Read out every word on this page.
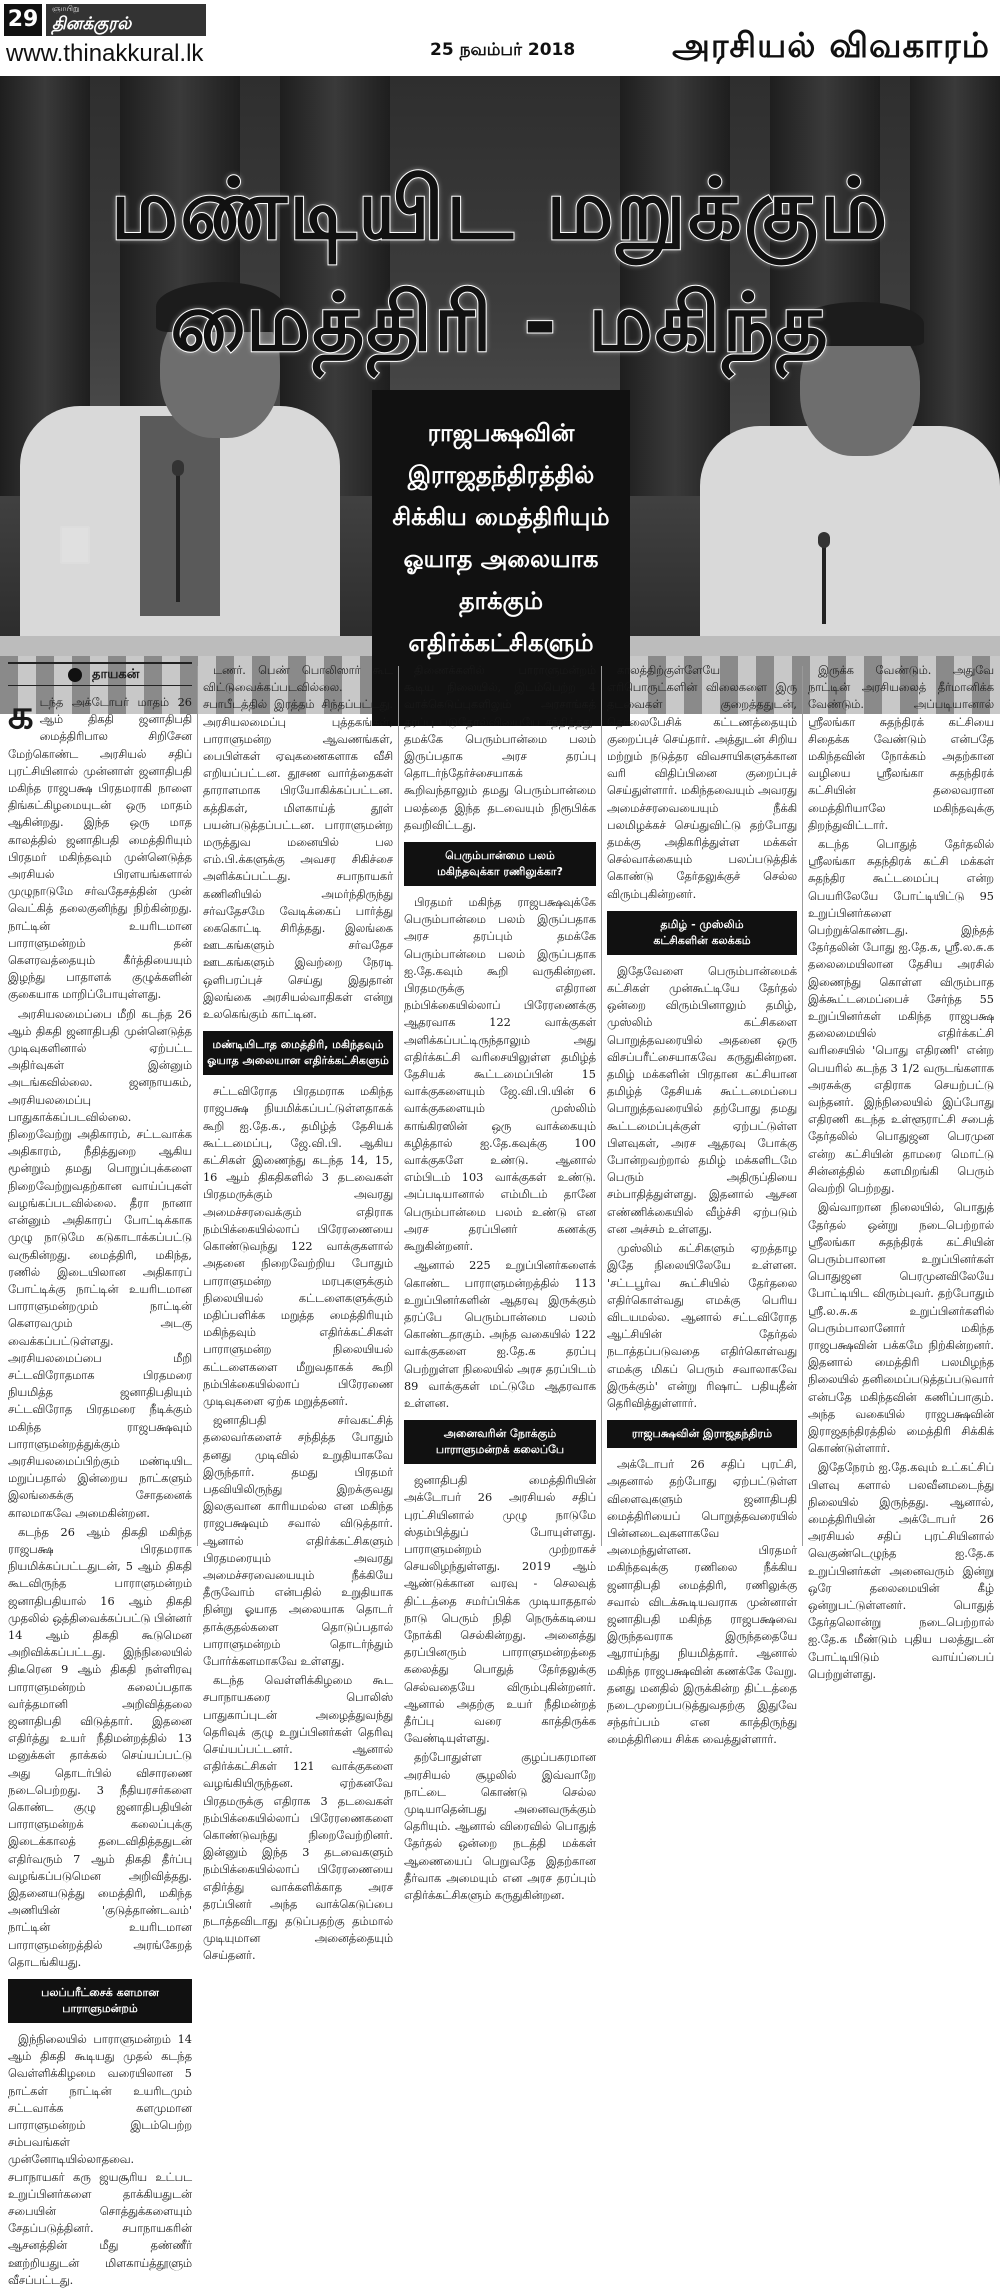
29	ஞாயிறு
தினக்குரல்
www.thinakkural.lk	25 நவம்பர் 2018	அரசியல் விவகாரம்
மண்டியிட மறுக்கும்
மைத்திரி - மகிந்த
ராஜபக்ஷவின்
இராஜதந்திரத்தில்
சிக்கிய மைத்திரியும்
ஓயாத அலையாக
தாக்கும்
எதிர்க்கட்சிகளும்
தாயகன்

கடந்த அக்டோபர் மாதம் 26 ஆம் திகதி ஜனாதிபதி மைத்திரிபால சிறிசேன மேற்கொண்ட அரசியல் சதிப் புரட்சியினால் முன்னாள் ஜனாதிபதி மகிந்த ராஜபக்ஷ பிரதமராகி நாளை திங்கட்கிழமையுடன் ஒரு மாதம் ஆகின்றது. இந்த ஒரு மாத காலத்தில் ஜனாதிபதி மைத்திரியும் பிரதமர் மகிந்தவும் முன்னெடுத்த அரசியல் பிரளயங்களால் முழுநாடுமே சர்வதேசத்தின் முன் வெட்கித் தலைகுனிந்து நிற்கின்றது. நாட்டின் உயரிடமான பாராளுமன்றம் தன் கௌரவத்தையும் கீர்த்தியையும் இழந்து பாதாளக் குழுக்களின் குகையாக மாறிப்போயுள்ளது.

அரசியலமைப்பை மீறி கடந்த 26 ஆம் திகதி ஜனாதிபதி முன்னெடுத்த முடிவுகளினால் ஏற்பட்ட அதிர்வுகள் இன்னும் அடங்கவில்லை. ஜனநாயகம், அரசியலமைப்பு பாதுகாக்கப்படவில்லை. நிறைவேற்று அதிகாரம், சட்டவாக்க அதிகாரம், நீதித்துறை ஆகிய மூன்றும் தமது பொறுப்புக்களை நிறைவேற்றுவதற்கான வாய்ப்புகள் வழங்கப்படவில்லை. தீரா நானா என்னும் அதிகாரப் போட்டிக்காக முழு நாடுமே கடுகாடாக்கப்பட்டு வருகின்றது. மைத்திரி, மகிந்த, ரணில் இடையிலான அதிகாரப் போட்டிக்கு நாட்டின் உயரிடமான பாராளுமன்றமும் நாட்டின் கௌரவமும் அடகு வைக்கப்பட்டுள்ளது. அரசியலமைப்பை மீறி சட்டவிரோதமாக பிரதமரை நியமித்த ஜனாதிபதியும் சட்டவிரோத பிரதமரை நீடிக்கும் மகிந்த ராஜபக்ஷவும் பாராளுமன்றத்துக்கும் அரசியலமைப்பிற்கும் மண்டியிட மறுப்பதால் இன்றைய நாட்களும் இலங்கைக்கு சோதனைக் காலமாகவே அமைகின்றன.

கடந்த 26 ஆம் திகதி மகிந்த ராஜபக்ஷ பிரதமராக நியமிக்கப்பட்டதுடன், 5 ஆம் திகதி கூடவிருந்த பாராளுமன்றம் ஜனாதிபதியால் 16 ஆம் திகதி முதலில் ஒத்திவைக்கப்பட்டு பின்னர் 14 ஆம் திகதி கூடுமென அறிவிக்கப்பட்டது. இந்நிலையில் திடீரென 9 ஆம் திகதி நள்ளிரவு பாராளுமன்றம் கலைப்பதாக வர்த்தமானி அறிவித்தலை ஜனாதிபதி விடுத்தார். இதனை எதிர்த்து உயர் நீதிமன்றத்தில் 13 மனுக்கள் தாக்கல் செய்யப்பட்டு அது தொடர்பில் விசாரணை நடைபெற்றது. 3 நீதியரசர்களை கொண்ட குழு ஜனாதிபதியின் பாராளுமன்றக் கலைப்புக்கு இடைக்காலத் தடைவிதித்ததுடன் எதிர்வரும் 7 ஆம் திகதி தீர்ப்பு வழங்கப்படுமென அறிவித்தது. இதனையடுத்து மைத்திரி, மகிந்த அணியின் 'குடுத்தாண்டவம்' நாட்டின் உயரிடமான பாராளுமன்றத்தில் அரங்கேறத் தொடங்கியது.

பலப்பரீட்சைக் களமான
பாராளுமன்றம்

இந்நிலையில் பாராளுமன்றம் 14 ஆம் திகதி கூடியது முதல் கடந்த வெள்ளிக்கிழமை வரையிலான 5 நாட்கள் நாட்டின் உயரிடமும் சட்டவாக்க களமுமான பாராளுமன்றம் இடம்பெற்ற சம்பவங்கள் முன்னோடியில்லாதவை. சபாநாயகர் கரு ஜயசூரிய உட்பட உறுப்பினர்களை தாக்கியதுடன் சபையின் சொத்துக்களையும் சேதப்படுத்தினர். சபாநாயகரின் ஆசனத்தின் மீது தண்ணீர் ஊற்றியதுடன் மிளகாய்த்தூளும் வீசப்பட்டது.

டணர். பெண் பொலிஸார் கூட விட்டுவைக்கப்படவில்லை. சபாபீடத்தில் இரத்தம் சிந்தப்பட்டது. அரசியலமைப்பு புத்தகங்கள், பாராளுமன்ற ஆவணங்கள், பைபிள்கள் ஏவுகணைகளாக வீசி எறியப்பட்டன. தூசண வார்த்தைகள் தாராளமாக பிரயோகிக்கப்பட்டன. கத்திகள், மிளகாய்த் தூள் பயன்படுத்தப்பட்டன. பாராளுமன்ற மருத்துவ மனையில் பல எம்.பி.க்களுக்கு அவசர சிகிச்சை அளிக்கப்பட்டது. சபாநாயகர் கணினியில் அமர்ந்திருந்து சர்வதேசமே வேடிக்கைப் பார்த்து கைகொட்டி சிரித்தது. இலங்கை ஊடகங்களும் சர்வதேச ஊடகங்களும் இவற்றை நேரடி ஒளிபரப்புச் செய்து இதுதான் இலங்கை அரசியல்வாதிகள் என்று உலகெங்கும் காட்டின.

மண்டியிடாத மைத்திரி, மகிந்தவும்
ஓயாத அலையான எதிர்க்கட்சிகளும்

சட்டவிரோத பிரதமராக மகிந்த ராஜபக்ஷ நியமிக்கப்பட்டுள்ளதாகக் கூறி ஐ.தே.க., தமிழ்த் தேசியக் கூட்டமைப்பு, ஜே.வி.பி. ஆகிய கட்சிகள் இணைந்து கடந்த 14, 15, 16 ஆம் திகதிகளில் 3 தடவைகள் பிரதமருக்கும் அவரது அமைச்சரவைக்கும் எதிராக நம்பிக்கையில்லாப் பிரேரணையை கொண்டுவந்து 122 வாக்குகளால் அதனை நிறைவேற்றிய போதும் பாராளுமன்ற மரபுகளுக்கும் நிலையியல் கட்டளைகளுக்கும் மதிப்பளிக்க மறுத்த மைத்திரியும் மகிந்தவும் எதிர்க்கட்சிகள் பாராளுமன்ற நிலையியல் கட்டளைகளை மீறுவதாகக் கூறி நம்பிக்கையில்லாப் பிரேரணை முடிவுகளை ஏற்க மறுத்தனர்.

ஜனாதிபதி சர்வகட்சித் தலைவர்களைச் சந்தித்த போதும் தனது முடிவில் உறுதியாகவே இருந்தார். தமது பிரதமர் பதவியிலிருந்து இறக்குவது இலகுவான காரியமல்ல என மகிந்த ராஜபக்ஷவும் சவால் விடுத்தார். ஆனால் எதிர்க்கட்சிகளும் பிரதமரையும் அவரது அமைச்சரவையையும் நீக்கியே தீருவோம் என்பதில் உறுதியாக நின்று ஓயாத அலையாக தொடர் தாக்குதல்களை தொடுப்பதால் பாராளுமன்றம் தொடர்ந்தும் போர்க்களமாகவே உள்ளது.

கடந்த வெள்ளிக்கிழமை கூட சபாநாயகரை பொலிஸ் பாதுகாப்புடன் அழைத்துவந்து தெரிவுக் குழு உறுப்பினர்கள் தெரிவு செய்யப்பட்டனர். ஆனால் எதிர்க்கட்சிகள் 121 வாக்குகளை வழங்கியிருந்தன. ஏற்கனவே பிரதமருக்கு எதிராக 3 தடவைகள் நம்பிக்கையில்லாப் பிரேரணைகளை கொண்டுவந்து நிறைவேற்றினர். இன்னும் இந்த 3 தடவைகளும் நம்பிக்கையில்லாப் பிரேரணையை எதிர்த்து வாக்களிக்காத அரச தரப்பினர் அந்த வாக்கெடுப்பை நடாத்தவிடாது தடுப்பதற்கு தம்மால் முடியுமான அனைத்தையும் செய்தனர்.

திணைக்களில் பாராளுமன்றம் கூடிய நிலையில், இடம்பெற்ற 4 வாக்கெடுப்புகளிலும் அரசாங்கத் தரப்பு படுதோல்வியையே சந்தித்தது. தமக்கே பெரும்பான்மை பலம் இருப்பதாக அரச தரப்பு தொடர்ந்தேர்ச்சையாகக் கூறிவந்தாலும் தமது பெரும்பான்மை பலத்தை இந்த தடவையும் நிரூபிக்க தவறிவிட்டது.

பெரும்பான்மை பலம்
மகிந்தவுக்கா ரணிலுக்கா?

பிரதமர் மகிந்த ராஜபக்ஷவுக்கே பெரும்பான்மை பலம் இருப்பதாக அரச தரப்பும் தமக்கே பெரும்பான்மை பலம் இருப்பதாக ஐ.தே.கவும் கூறி வருகின்றன. பிரதமருக்கு எதிரான நம்பிக்கையில்லாப் பிரேரணைக்கு ஆதரவாக 122 வாக்குகள் அளிக்கப்பட்டிருந்தாலும் அது எதிர்க்கட்சி வரிசையிலுள்ள தமிழ்த் தேசியக் கூட்டமைப்பின் 15 வாக்குகளையும் ஜே.வி.பி.யின் 6 வாக்குகளையும் முஸ்லிம் காங்கிரஸின் ஒரு வாக்கையும் கழித்தால் ஐ.தே.கவுக்கு 100 வாக்குகளே உண்டு. ஆனால் எம்பிடம் 103 வாக்குகள் உண்டு. அப்படியானால் எம்மிடம் தானே பெரும்பான்மை பலம் உண்டு என அரச தரப்பினர் கணக்கு கூறுகின்றனர்.

ஆனால் 225 உறுப்பினர்களைக் கொண்ட பாராளுமன்றத்தில் 113 உறுப்பினர்களின் ஆதரவு இருக்கும் தரப்பே பெரும்பான்மை பலம் கொண்டதாகும். அந்த வகையில் 122 வாக்குகளை ஐ.தே.க தரப்பு பெற்றுள்ள நிலையில் அரச தரப்பிடம் 89 வாக்குகள் மட்டுமே ஆதரவாக உள்ளன.

அனைவரின் நோக்கும்
பாராளுமன்றக் கலைப்பே

ஜனாதிபதி மைத்திரியின் அக்டோபர் 26 அரசியல் சதிப் புரட்சியினால் முழு நாடுமே ஸ்தம்பித்துப் போயுள்ளது. பாராளுமன்றம் முற்றாகச் செயலிழந்துள்ளது. 2019 ஆம் ஆண்டுக்கான வரவு - செலவுத் திட்டத்தை சமர்ப்பிக்க முடியாததால் நாடு பெரும் நிதி நெருக்கடியை நோக்கி செல்கின்றது. அனைத்து தரப்பினரும் பாராளுமன்றத்தை கலைத்து பொதுத் தேர்தலுக்கு செல்வதையே விரும்புகின்றனர். ஆனால் அதற்கு உயர் நீதிமன்றத் தீர்ப்பு வரை காத்திருக்க வேண்டியுள்ளது.

தற்போதுள்ள குழப்பகரமான அரசியல் சூழலில் இவ்வாறே நாட்டை கொண்டு செல்ல முடியாதென்பது அனைவருக்கும் தெரியும். ஆனால் விரைவில் பொதுத் தேர்தல் ஒன்றை நடத்தி மக்கள் ஆணையைப் பெறுவதே இதற்கான தீர்வாக அமையும் என அரச தரப்பும் எதிர்க்கட்சிகளும் கருதுகின்றன.

காலத்திற்குள்ளேயே எரிபொருட்களின் விலைகளை இரு தடவைகள் குறைத்ததுடன், தொலைபேசிக் கட்டணத்தையும் குறைப்புச் செய்தார். அத்துடன் சிறிய மற்றும் நடுத்தர விவசாயிகளுக்கான வரி விதிப்பினை குறைப்புச் செய்துள்ளார். மகிந்தவையும் அவரது அமைச்சரவையையும் நீக்கி பலமிழக்கச் செய்துவிட்டு தற்போது தமக்கு அதிகரித்துள்ள மக்கள் செல்வாக்கையும் பலப்படுத்திக் கொண்டு தேர்தலுக்குச் செல்ல விரும்புகின்றனர்.

தமிழ் - முஸ்லிம்
கட்சிகளின் கலக்கம்

இதேவேளை பெரும்பான்மைக் கட்சிகள் முன்கூட்டியே தேர்தல் ஒன்றை விரும்பினாலும் தமிழ், முஸ்லிம் கட்சிகளை பொறுத்தவரையில் அதனை ஒரு விசப்பரீட்சையாகவே கருதுகின்றன. தமிழ் மக்களின் பிரதான கட்சியான தமிழ்த் தேசியக் கூட்டமைப்பை பொறுத்தவரையில் தற்போது தமது கூட்டமைப்புக்குள் ஏற்பட்டுள்ள பிளவுகள், அரச ஆதரவு போக்கு போன்றவற்றால் தமிழ் மக்களிடமே பெரும் அதிருப்தியை சம்பாதித்துள்ளது. இதனால் ஆசன எண்ணிக்கையில் வீழ்ச்சி ஏற்படும் என அச்சம் உள்ளது.

முஸ்லிம் கட்சிகளும் ஏறத்தாழ இதே நிலையிலேயே உள்ளன. 'சட்டபூர்வ கூட்சியில் தேர்தலை எதிர்கொள்வது எமக்கு பெரிய விடயமல்ல. ஆனால் சட்டவிரோத ஆட்சியின் தேர்தல் நடாத்தப்படுவதை எதிர்கொள்வது எமக்கு மிகப் பெரும் சவாலாகவே இருக்கும்' என்று ரிஷாட் பதியுதீன் தெரிவித்துள்ளார்.

ராஜபக்ஷவின் இராஜதந்திரம்

அக்டோபர் 26 சதிப் புரட்சி, அதனால் தற்போது ஏற்பட்டுள்ள விளைவுகளும் ஜனாதிபதி மைத்திரியைப் பொறுத்தவரையில் பின்னடைவுகளாகவே அமைந்துள்ளன. பிரதமர் மகிந்தவுக்கு ரணிலை நீக்கிய ஜனாதிபதி மைத்திரி, ரணிலுக்கு சவால் விடக்கூடியவராக முன்னாள் ஜனாதிபதி மகிந்த ராஜபக்ஷவை இருந்தவராக இருந்ததையே ஆராய்ந்து நியமித்தார். ஆனால் மகிந்த ராஜபக்ஷவின் கணக்கே வேறு. தனது மனதில் இருக்கின்ற திட்டத்தை நடைமுறைப்படுத்துவதற்கு இதுவே சந்தர்ப்பம் என காத்திருந்து மைத்திரியை சிக்க வைத்துள்ளார்.

இருக்க வேண்டும். அதுவே நாட்டின் அரசியலைத் தீர்மானிக்க வேண்டும். அப்படியானால் ஸ்ரீலங்கா சுதந்திரக் கட்சியை சிதைக்க வேண்டும் என்பதே மகிந்தவின் நோக்கம் அதற்கான வழியை ஸ்ரீலங்கா சுதந்திரக் கட்சியின் தலைவரான மைத்திரியாலே மகிந்தவுக்கு திறந்துவிட்டார்.

கடந்த பொதுத் தேர்தலில் ஸ்ரீலங்கா சுதந்திரக் கட்சி மக்கள் சுதந்திர கூட்டமைப்பு என்ற பெயரிலேயே போட்டியிட்டு 95 உறுப்பினர்களை பெற்றுக்கொண்டது. இந்தத் தேர்தலின் போது ஐ.தே.க, ஸ்ரீ.ல.சு.க தலைமையிலான தேசிய அரசில் இணைந்து கொள்ள விரும்பாத இக்கூட்டமைப்பைச் சேர்ந்த 55 உறுப்பினர்கள் மகிந்த ராஜபக்ஷ தலைமையில் எதிர்க்கட்சி வரிசையில் 'பொது எதிரணி' என்ற பெயரில் கடந்த 3 1/2 வருடங்களாக அரசுக்கு எதிராக செயற்பட்டு வந்தனர். இந்நிலையில் இப்போது எதிரணி கடந்த உள்ளூராட்சி சபைத் தேர்தலில் பொதுஜன பெரமுன என்ற கட்சியின் தாமரை மொட்டு சின்னத்தில் களமிறங்கி பெரும் வெற்றி பெற்றது.

இவ்வாறான நிலையில், பொதுத் தேர்தல் ஒன்று நடைபெற்றால் ஸ்ரீலங்கா சுதந்திரக் கட்சியின் பெரும்பாலான உறுப்பினர்கள் பொதுஜன பெரமுனவிலேயே போட்டியிட விரும்புவர். தற்போதும் ஸ்ரீ.ல.சு.க உறுப்பினர்களில் பெரும்பாலானோர் மகிந்த ராஜபக்ஷவின் பக்கமே நிற்கின்றனர். இதனால் மைத்திரி பலமிழந்த நிலையில் தனிமைப்படுத்தப்படுவார் என்பதே மகிந்தவின் கணிப்பாகும். அந்த வகையில் ராஜபக்ஷவின் இராஜதந்திரத்தில் மைத்திரி சிக்கிக் கொண்டுள்ளார்.

இதேநேரம் ஐ.தே.கவும் உட்கட்சிப் பிளவு களால் பலவீனமடைந்து நிலையில் இருந்தது. ஆனால், மைத்திரியின் அக்டோபர் 26 அரசியல் சதிப் புரட்சியினால் வெகுண்டெழுந்த ஐ.தே.க உறுப்பினர்கள் அனைவரும் இன்று ஒரே தலைமையின் கீழ் ஒன்றுபட்டுள்ளனர். பொதுத் தேர்தலொன்று நடைபெற்றால் ஐ.தே.க மீண்டும் புதிய பலத்துடன் போட்டியிடும் வாய்ப்பைப் பெற்றுள்ளது.
